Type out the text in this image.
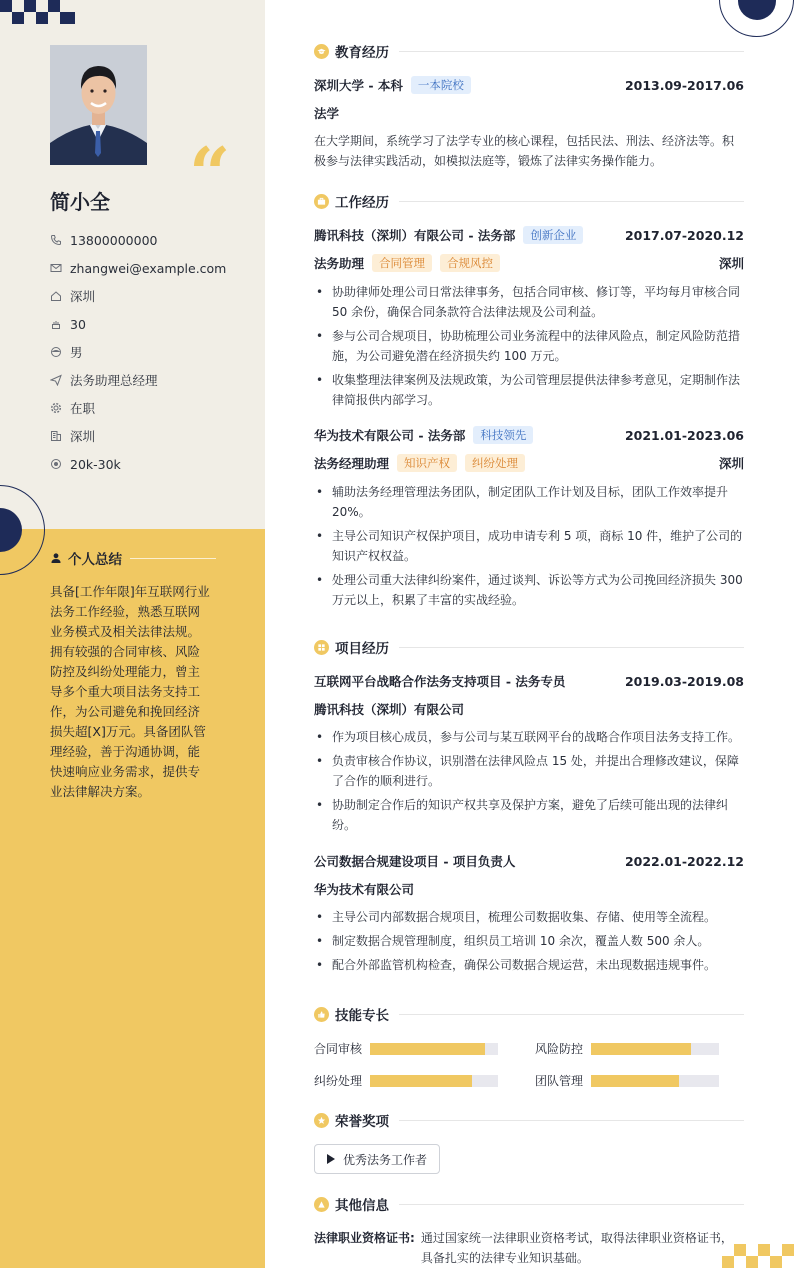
“
简小全
13800000000
zhangwei@example.com
深圳
30
男
法务助理总经理
在职
深圳
20k-30k
个人总结
具备[工作年限]年互联网行业法务工作经验，熟悉互联网业务模式及相关法律法规。拥有较强的合同审核、风险防控及纠纷处理能力，曾主导多个重大项目法务支持工作，为公司避免和挽回经济损失超[X]万元。具备团队管理经验，善于沟通协调，能快速响应业务需求，提供专业法律解决方案。
教育经历
深圳大学 - 本科	一本院校	2013.09-2017.06
法学
在大学期间，系统学习了法学专业的核心课程，包括民法、刑法、经济法等。积极参与法律实践活动，如模拟法庭等，锻炼了法律实务操作能力。
工作经历
腾讯科技（深圳）有限公司 - 法务部	创新企业	2017.07-2020.12
法务助理	合同管理	合规风控	深圳
• 协助律师处理公司日常法律事务，包括合同审核、修订等，平均每月审核合同 50 余份，确保合同条款符合法律法规及公司利益。
• 参与公司合规项目，协助梳理公司业务流程中的法律风险点，制定风险防范措施，为公司避免潜在经济损失约 100 万元。
• 收集整理法律案例及法规政策，为公司管理层提供法律参考意见，定期制作法律简报供内部学习。
华为技术有限公司 - 法务部	科技领先	2021.01-2023.06
法务经理助理	知识产权	纠纷处理	深圳
• 辅助法务经理管理法务团队，制定团队工作计划及目标，团队工作效率提升 20%。
• 主导公司知识产权保护项目，成功申请专利 5 项，商标 10 件，维护了公司的知识产权权益。
• 处理公司重大法律纠纷案件，通过谈判、诉讼等方式为公司挽回经济损失 300 万元以上，积累了丰富的实战经验。
项目经历
互联网平台战略合作法务支持项目 - 法务专员	2019.03-2019.08
腾讯科技（深圳）有限公司
• 作为项目核心成员，参与公司与某互联网平台的战略合作项目法务支持工作。
• 负责审核合作协议，识别潜在法律风险点 15 处，并提出合理修改建议，保障了合作的顺利进行。
• 协助制定合作后的知识产权共享及保护方案，避免了后续可能出现的法律纠纷。
公司数据合规建设项目 - 项目负责人	2022.01-2022.12
华为技术有限公司
• 主导公司内部数据合规项目，梳理公司数据收集、存储、使用等全流程。
• 制定数据合规管理制度，组织员工培训 10 余次，覆盖人数 500 余人。
• 配合外部监管机构检查，确保公司数据合规运营，未出现数据违规事件。
技能专长
合同审核	风险防控
纠纷处理	团队管理
荣誉奖项
优秀法务工作者
其他信息
法律职业资格证书: 通过国家统一法律职业资格考试，取得法律职业资格证书，具备扎实的法律专业知识基础。
